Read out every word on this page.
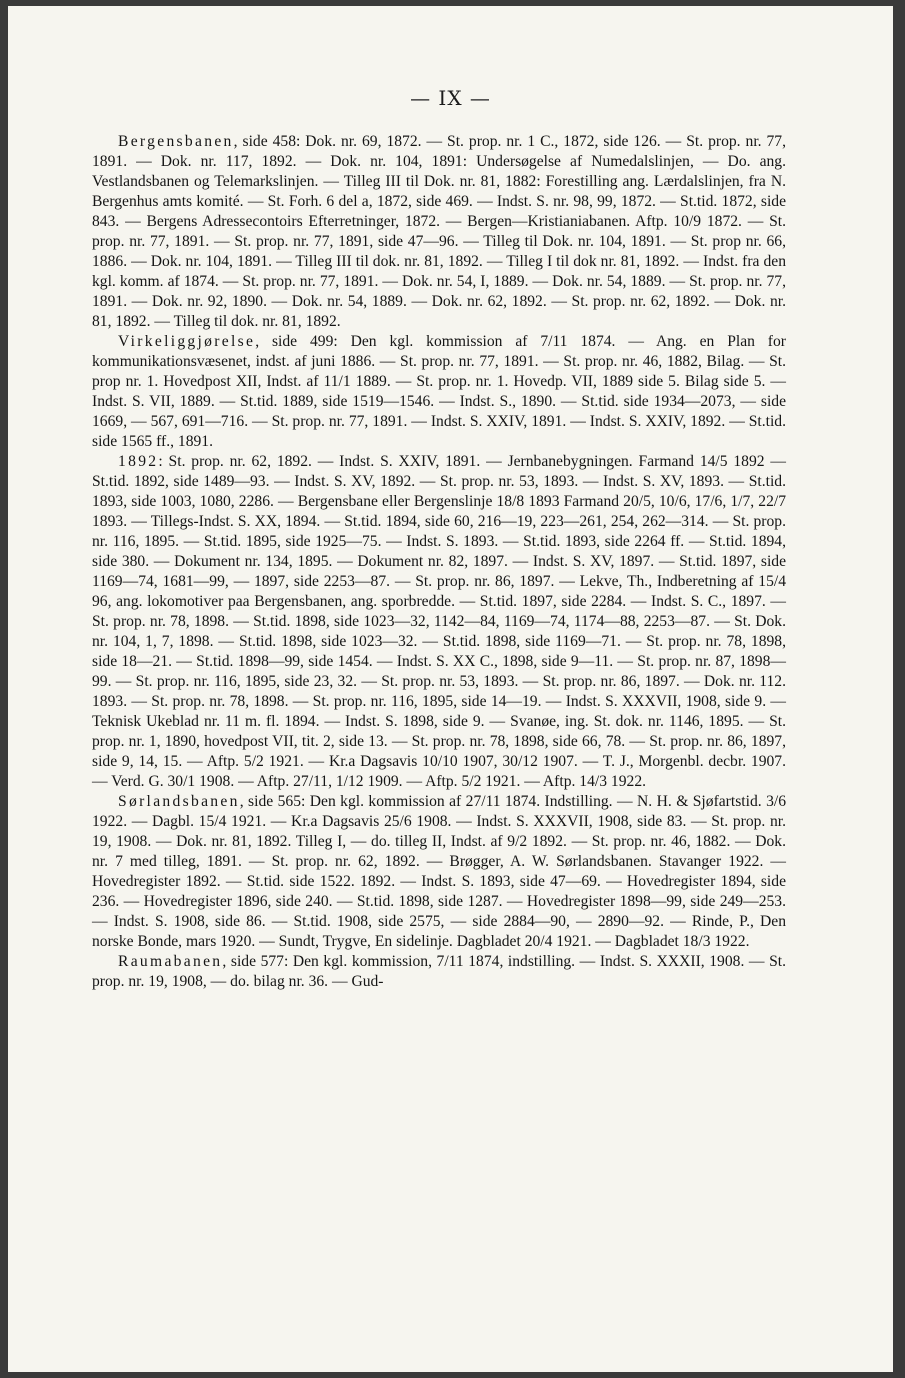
— IX —

Bergensbanen, side 458: Dok. nr. 69, 1872. — St. prop. nr. 1 C., 1872, side 126. — St. prop. nr. 77, 1891. — Dok. nr. 117, 1892. — Dok. nr. 104, 1891: Undersøgelse af Numedalslinjen, — Do. ang. Vestlandsbanen og Telemarkslinjen. — Tilleg III til Dok. nr. 81, 1882: Forestilling ang. Lærdalslinjen, fra N. Bergenhus amts komité. — St. Forh. 6 del a, 1872, side 469. — Indst. S. nr. 98, 99, 1872. — St.tid. 1872, side 843. — Bergens Adressecontoirs Efterretninger, 1872. — Bergen—Kristianiabanen. Aftp. 10/9 1872. — St. prop. nr. 77, 1891. — St. prop. nr. 77, 1891, side 47—96. — Tilleg til Dok. nr. 104, 1891. — St. prop nr. 66, 1886. — Dok. nr. 104, 1891. — Tilleg III til dok. nr. 81, 1892. — Tilleg I til dok nr. 81, 1892. — Indst. fra den kgl. komm. af 1874. — St. prop. nr. 77, 1891. — Dok. nr. 54, I, 1889. — Dok. nr. 54, 1889. — St. prop. nr. 77, 1891. — Dok. nr. 92, 1890. — Dok. nr. 54, 1889. — Dok. nr. 62, 1892. — St. prop. nr. 62, 1892. — Dok. nr. 81, 1892. — Tilleg til dok. nr. 81, 1892.

Virkeliggjørelse, side 499: Den kgl. kommission af 7/11 1874. — Ang. en Plan for kommunikationsvæsenet, indst. af juni 1886. — St. prop. nr. 77, 1891. — St. prop. nr. 46, 1882, Bilag. — St. prop nr. 1. Hovedpost XII, Indst. af 11/1 1889. — St. prop. nr. 1. Hovedp. VII, 1889 side 5. Bilag side 5. — Indst. S. VII, 1889. — St.tid. 1889, side 1519—1546. — Indst. S., 1890. — St.tid. side 1934—2073, — side 1669, — 567, 691—716. — St. prop. nr. 77, 1891. — Indst. S. XXIV, 1891. — Indst. S. XXIV, 1892. — St.tid. side 1565 ff., 1891.

1892: St. prop. nr. 62, 1892. — Indst. S. XXIV, 1891. — Jernbanebygningen. Farmand 14/5 1892 — St.tid. 1892, side 1489—93. — Indst. S. XV, 1892. — St. prop. nr. 53, 1893. — Indst. S. XV, 1893. — St.tid. 1893, side 1003, 1080, 2286. — Bergensbane eller Bergenslinje 18/8 1893 Farmand 20/5, 10/6, 17/6, 1/7, 22/7 1893. — Tillegs-Indst. S. XX, 1894. — St.tid. 1894, side 60, 216—19, 223—261, 254, 262—314. — St. prop. nr. 116, 1895. — St.tid. 1895, side 1925—75. — Indst. S. 1893. — St.tid. 1893, side 2264 ff. — St.tid. 1894, side 380. — Dokument nr. 134, 1895. — Dokument nr. 82, 1897. — Indst. S. XV, 1897. — St.tid. 1897, side 1169—74, 1681—99, — 1897, side 2253—87. — St. prop. nr. 86, 1897. — Lekve, Th., Indberetning af 15/4 96, ang. lokomotiver paa Bergensbanen, ang. sporbredde. — St.tid. 1897, side 2284. — Indst. S. C., 1897. — St. prop. nr. 78, 1898. — St.tid. 1898, side 1023—32, 1142—84, 1169—74, 1174—88, 2253—87. — St. Dok. nr. 104, 1, 7, 1898. — St.tid. 1898, side 1023—32. — St.tid. 1898, side 1169—71. — St. prop. nr. 78, 1898, side 18—21. — St.tid. 1898—99, side 1454. — Indst. S. XX C., 1898, side 9—11. — St. prop. nr. 87, 1898—99. — St. prop. nr. 116, 1895, side 23, 32. — St. prop. nr. 53, 1893. — St. prop. nr. 86, 1897. — Dok. nr. 112. 1893. — St. prop. nr. 78, 1898. — St. prop. nr. 116, 1895, side 14—19. — Indst. S. XXXVII, 1908, side 9. — Teknisk Ukeblad nr. 11 m. fl. 1894. — Indst. S. 1898, side 9. — Svanøe, ing. St. dok. nr. 1146, 1895. — St. prop. nr. 1, 1890, hovedpost VII, tit. 2, side 13. — St. prop. nr. 78, 1898, side 66, 78. — St. prop. nr. 86, 1897, side 9, 14, 15. — Aftp. 5/2 1921. — Kr.a Dagsavis 10/10 1907, 30/12 1907. — T. J., Morgenbl. decbr. 1907. — Verd. G. 30/1 1908. — Aftp. 27/11, 1/12 1909. — Aftp. 5/2 1921. — Aftp. 14/3 1922.

Sørlandsbanen, side 565: Den kgl. kommission af 27/11 1874. Indstilling. — N. H. & Sjøfartstid. 3/6 1922. — Dagbl. 15/4 1921. — Kr.a Dagsavis 25/6 1908. — Indst. S. XXXVII, 1908, side 83. — St. prop. nr. 19, 1908. — Dok. nr. 81, 1892. Tilleg I, — do. tilleg II, Indst. af 9/2 1892. — St. prop. nr. 46, 1882. — Dok. nr. 7 med tilleg, 1891. — St. prop. nr. 62, 1892. — Brøgger, A. W. Sørlandsbanen. Stavanger 1922. — Hovedregister 1892. — St.tid. side 1522. 1892. — Indst. S. 1893, side 47—69. — Hovedregister 1894, side 236. — Hovedregister 1896, side 240. — St.tid. 1898, side 1287. — Hovedregister 1898—99, side 249—253. — Indst. S. 1908, side 86. — St.tid. 1908, side 2575, — side 2884—90, — 2890—92. — Rinde, P., Den norske Bonde, mars 1920. — Sundt, Trygve, En sidelinje. Dagbladet 20/4 1921. — Dagbladet 18/3 1922.

Raumabanen, side 577: Den kgl. kommission, 7/11 1874, indstilling. — Indst. S. XXXII, 1908. — St. prop. nr. 19, 1908, — do. bilag nr. 36. — Gud-
